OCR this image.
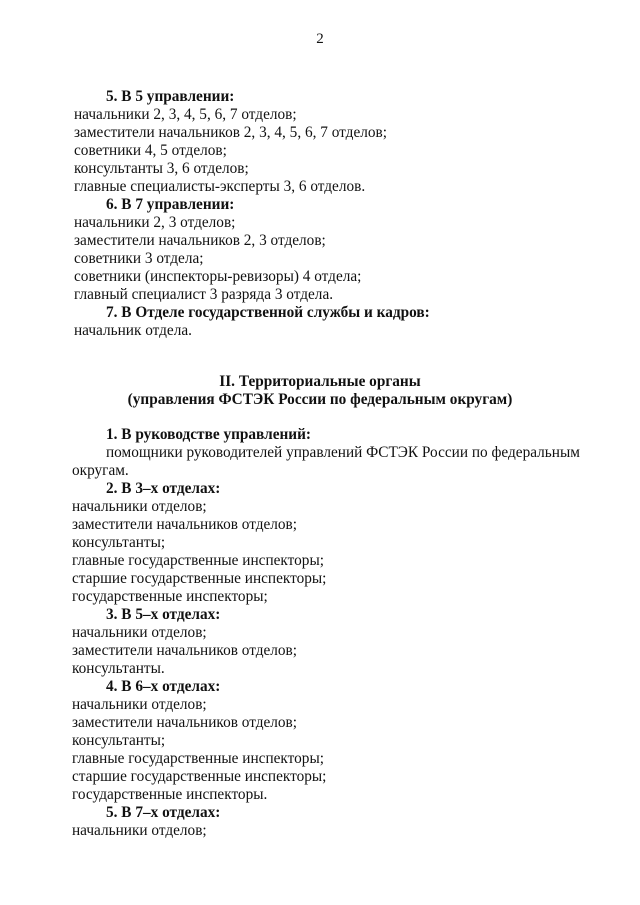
2
5. В 5 управлении:
начальники 2, 3, 4, 5, 6, 7 отделов;
заместители начальников 2, 3, 4, 5, 6, 7 отделов;
советники 4, 5 отделов;
консультанты 3, 6 отделов;
главные специалисты-эксперты 3, 6 отделов.
6. В 7 управлении:
начальники 2, 3 отделов;
заместители начальников 2, 3 отделов;
советники 3 отдела;
советники (инспекторы-ревизоры) 4 отдела;
главный специалист 3 разряда 3 отдела.
7. В Отделе государственной службы и кадров:
начальник отдела.
II. Территориальные органы
(управления ФСТЭК России по федеральным округам)
1. В руководстве управлений:
помощники руководителей управлений ФСТЭК России по федеральным
округам.
2. В 3–х отделах:
начальники отделов;
заместители начальников отделов;
консультанты;
главные государственные инспекторы;
старшие государственные инспекторы;
государственные инспекторы;
3. В 5–х отделах:
начальники отделов;
заместители начальников отделов;
консультанты.
4. В 6–х отделах:
начальники отделов;
заместители начальников отделов;
консультанты;
главные государственные инспекторы;
старшие государственные инспекторы;
государственные инспекторы.
5. В 7–х отделах:
начальники отделов;
